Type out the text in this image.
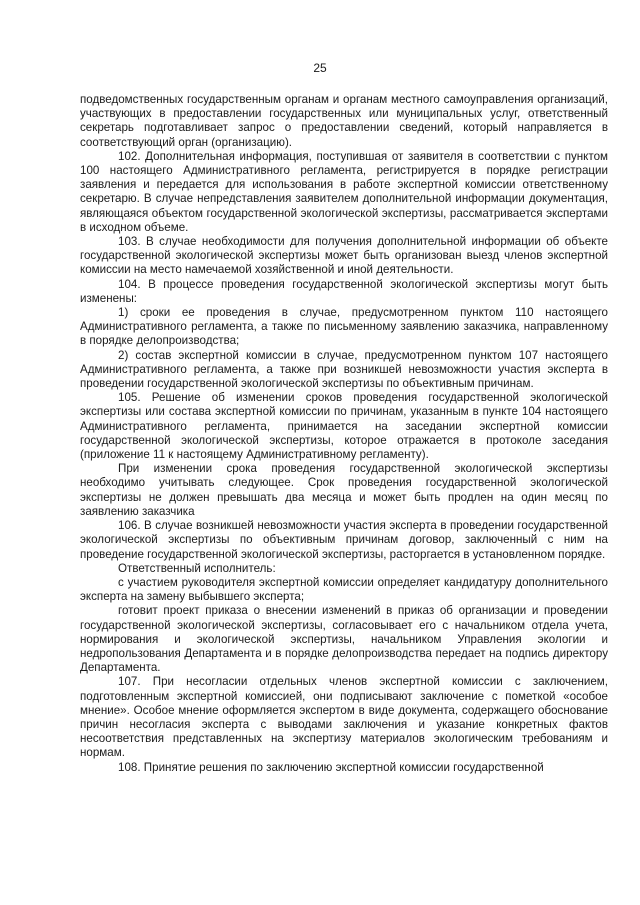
25

подведомственных государственным органам и органам местного самоуправления организаций, участвующих в предоставлении государственных или муниципальных услуг, ответственный секретарь подготавливает запрос о предоставлении сведений, который направляется в соответствующий орган (организацию).

102. Дополнительная информация, поступившая от заявителя в соответствии с пунктом 100 настоящего Административного регламента, регистрируется в порядке регистрации заявления и передается для использования в работе экспертной комиссии ответственному секретарю. В случае непредставления заявителем дополнительной информации документация, являющаяся объектом государственной экологической экспертизы, рассматривается экспертами в исходном объеме.

103. В случае необходимости для получения дополнительной информации об объекте государственной экологической экспертизы может быть организован выезд членов экспертной комиссии на место намечаемой хозяйственной и иной деятельности.

104. В процессе проведения государственной экологической экспертизы могут быть изменены:

1) сроки ее проведения в случае, предусмотренном пунктом 110 настоящего Административного регламента, а также по письменному заявлению заказчика, направленному в порядке делопроизводства;

2) состав экспертной комиссии в случае, предусмотренном пунктом 107 настоящего Административного регламента, а также при возникшей невозможности участия эксперта в проведении государственной экологической экспертизы по объективным причинам.

105. Решение об изменении сроков проведения государственной экологической экспертизы или состава экспертной комиссии по причинам, указанным в пункте 104 настоящего Административного регламента, принимается на заседании экспертной комиссии государственной экологической экспертизы, которое отражается в протоколе заседания (приложение 11 к настоящему Административному регламенту).

При изменении срока проведения государственной экологической экспертизы необходимо учитывать следующее. Срок проведения государственной экологической экспертизы не должен превышать два месяца и может быть продлен на один месяц по заявлению заказчика

106. В случае возникшей невозможности участия эксперта в проведении государственной экологической экспертизы по объективным причинам договор, заключенный с ним на проведение государственной экологической экспертизы, расторгается в установленном порядке.

Ответственный исполнитель:

с участием руководителя экспертной комиссии определяет кандидатуру дополнительного эксперта на замену выбывшего эксперта;

готовит проект приказа о внесении изменений в приказ об организации и проведении государственной экологической экспертизы, согласовывает его с начальником отдела учета, нормирования и экологической экспертизы, начальником Управления экологии и недропользования Департамента и в порядке делопроизводства передает на подпись директору Департамента.

107. При несогласии отдельных членов экспертной комиссии с заключением, подготовленным экспертной комиссией, они подписывают заключение с пометкой «особое мнение». Особое мнение оформляется экспертом в виде документа, содержащего обоснование причин несогласия эксперта с выводами заключения и указание конкретных фактов несоответствия представленных на экспертизу материалов экологическим требованиям и нормам.

108. Принятие решения по заключению экспертной комиссии государственной
